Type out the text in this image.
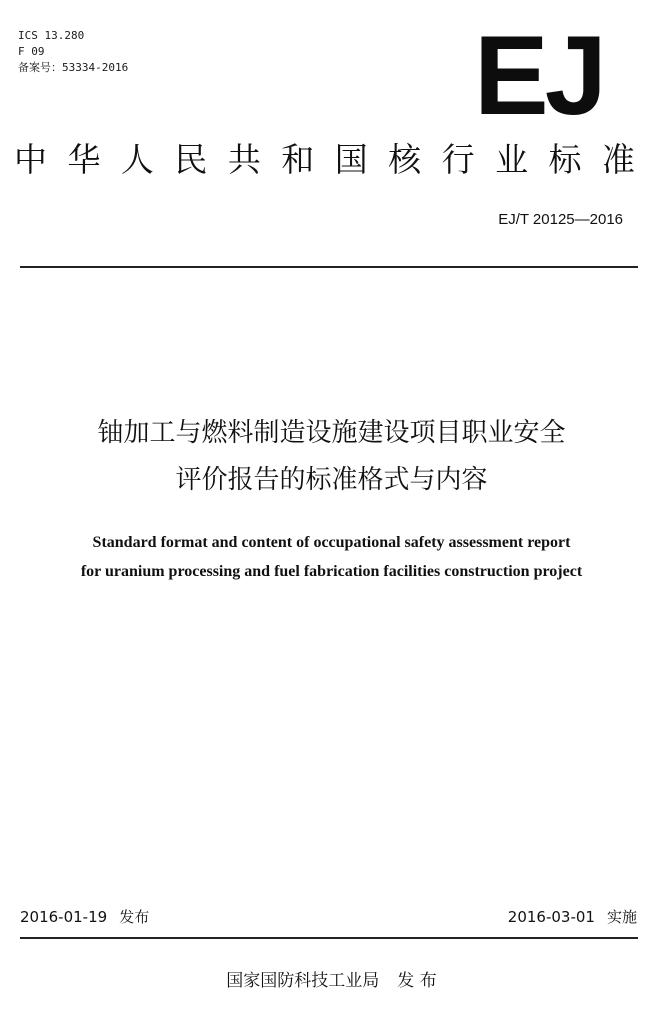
ICS 13.280
F 09
备案号：53334-2016	EJ
中 华 人 民 共 和 国 核 行 业 标 准
EJ/T 20125—2016
铀加工与燃料制造设施建设项目职业安全
评价报告的标准格式与内容
Standard format and content of occupational safety assessment report
for uranium processing and fuel fabrication facilities construction project
2016-01-19 发布	2016-03-01 实施
国家国防科技工业局 发 布
